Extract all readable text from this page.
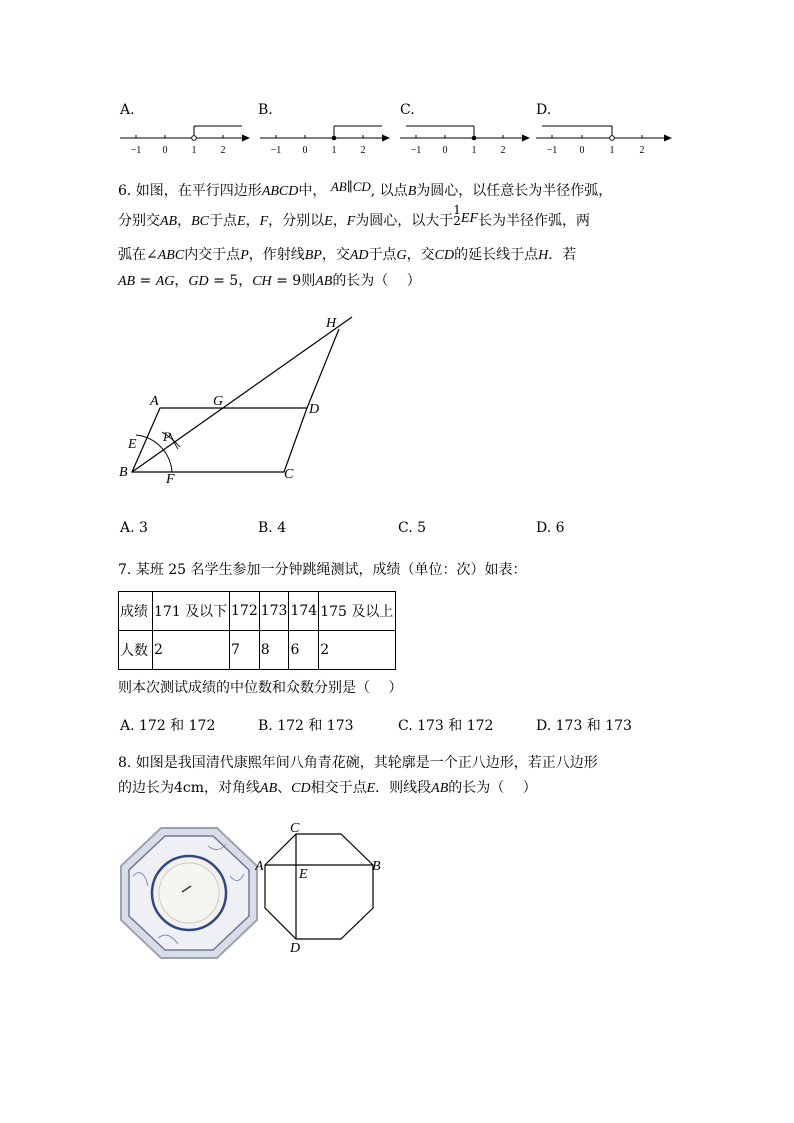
A.
−1 0 1 2
B.
−1 0 1 2
C.
−1 0 1 2
D.
−1 0	1	2
6. 如图，在平行四边形ABCD中， AB∥CD, 以点B为圆心，以任意长为半径作弧，
分别交AB，BC于点E，F，分别以E，F为圆心，以大于
1
2 EF长为半径作弧，两
弧在∠ABC内交于点P，作射线BP，交AD于点G，交CD的延长线于点H．若
AB = AG，GD = 5，CH = 9则AB的长为（　 ）
H
A	G
D
E
P
B	F	C
A. 3	B. 4	C. 5	D. 6
7. 某班 25 名学生参加一分钟跳绳测试，成绩（单位：次）如表：
成绩	171 及以下	172	173	174	175 及以上
人数	2	7	8	6	2
则本次测试成绩的中位数和众数分别是（　 ）
A. 172 和 172	B. 172 和 173	C. 173 和 172	D. 173 和 173
8. 如图是我国清代康熙年间八角青花碗，其轮廓是一个正八边形，若正八边形
的边长为4cm，对角线AB、CD相交于点E．则线段AB的长为（　 ）
C
A
E
B
D
